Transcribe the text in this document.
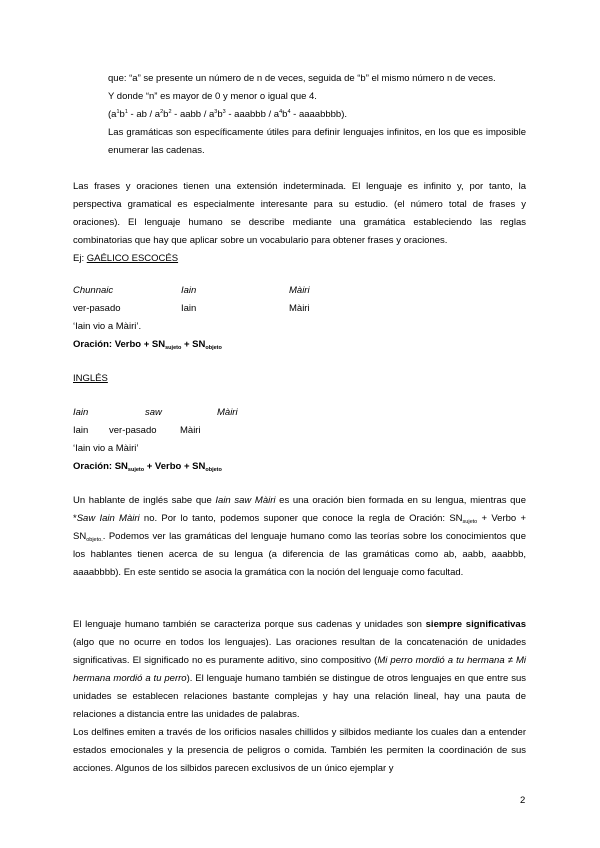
que: “a” se presente un número de n de veces, seguida de “b” el mismo número n de veces.
Y donde “n” es mayor de 0 y menor o igual que 4.
($a^1b^1$ - ab / $a^2b^2$ - aabb / $a^3b^3$ - aaabbb / $a^4b^4$ - aaaabbbb).
Las gramáticas son específicamente útiles para definir lenguajes infinitos, en los que es imposible enumerar las cadenas.
Las frases y oraciones tienen una extensión indeterminada. El lenguaje es infinito y, por tanto, la perspectiva gramatical es especialmente interesante para su estudio. (el número total de frases y oraciones). El lenguaje humano se describe mediante una gramática estableciendo las reglas combinatorias que hay que aplicar sobre un vocabulario para obtener frases y oraciones.
Ej: GAÉLICO ESCOCÉS
Chunnaic	Iain	Màiri
ver-pasado	Iain	Màiri
‘Iain vio a Màiri’.
Oración: Verbo + $SN_{sujeto} + SN_{objeto}$
INGLÉS
Iain	saw	Màiri
Iain ver-pasado Màiri
‘Iain vio a Màiri’
Oración: $SN_{sujeto}$ + Verbo + $SN_{objeto}$
Un hablante de inglés sabe que Iain saw Màiri es una oración bien formada en su lengua, mientras que *Saw Iain Màiri no. Por lo tanto, podemos suponer que conoce la regla de Oración: $SN_{sujeto}$ + Verbo + $SN_{objeto.}$. Podemos ver las gramáticas del lenguaje humano como las teorías sobre los conocimientos que los hablantes tienen acerca de su lengua (a diferencia de las gramáticas como ab, aabb, aaabbb, aaaabbbb). En este sentido se asocia la gramática con la noción del lenguaje como facultad.
El lenguaje humano también se caracteriza porque sus cadenas y unidades son siempre significativas (algo que no ocurre en todos los lenguajes). Las oraciones resultan de la concatenación de unidades significativas. El significado no es puramente aditivo, sino compositivo (Mi perro mordió a tu hermana ≠ Mi hermana mordió a tu perro). El lenguaje humano también se distingue de otros lenguajes en que entre sus unidades se establecen relaciones bastante complejas y hay una relación lineal, hay una pauta de relaciones a distancia entre las unidades de palabras.
Los delfines emiten a través de los orificios nasales chillidos y silbidos mediante los cuales dan a entender estados emocionales y la presencia de peligros o comida. También les permiten la coordinación de sus acciones. Algunos de los silbidos parecen exclusivos de un único ejemplar y
2
